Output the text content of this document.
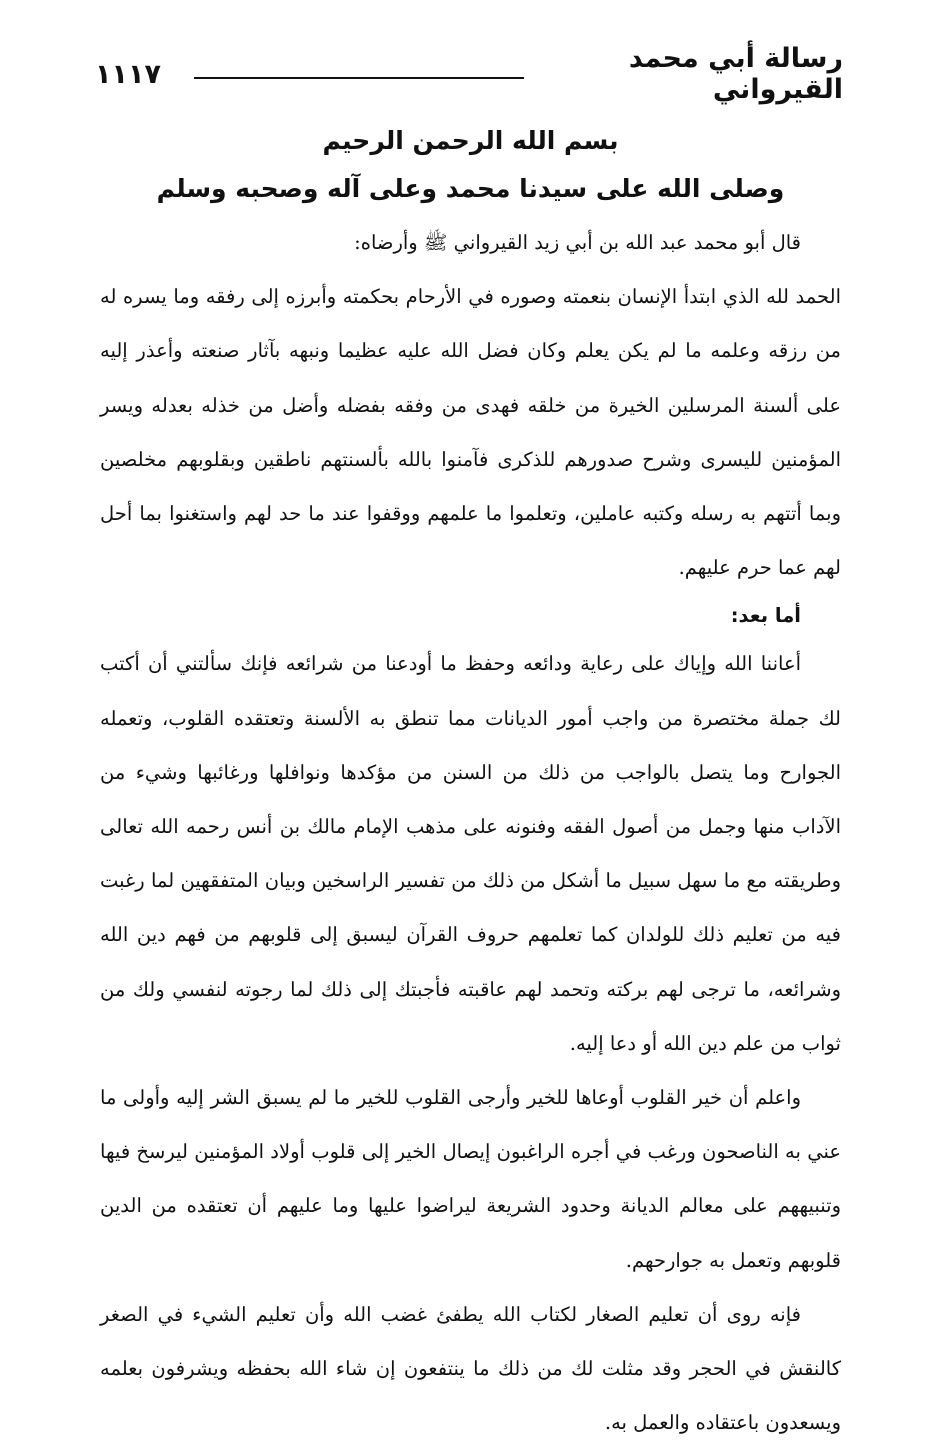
١١١٧	رسالة أبي محمد القيرواني
بسم الله الرحمن الرحيم
وصلى الله على سيدنا محمد وعلى آله وصحبه وسلم

قال أبو محمد عبد الله بن أبي زيد القيرواني ﷺ وأرضاه:

الحمد لله الذي ابتدأ الإنسان بنعمته وصوره في الأرحام بحكمته وأبرزه إلى رفقه وما يسره له من رزقه وعلمه ما لم يكن يعلم وكان فضل الله عليه عظيما ونبهه بآثار صنعته وأعذر إليه على ألسنة المرسلين الخيرة من خلقه فهدى من وفقه بفضله وأضل من خذله بعدله ويسر المؤمنين لليسرى وشرح صدورهم للذكرى فآمنوا بالله بألسنتهم ناطقين وبقلوبهم مخلصين وبما أتتهم به رسله وكتبه عاملين، وتعلموا ما علمهم ووقفوا عند ما حد لهم واستغنوا بما أحل لهم عما حرم عليهم.

أما بعد:

أعاننا الله وإياك على رعاية ودائعه وحفظ ما أودعنا من شرائعه فإنك سألتني أن أكتب لك جملة مختصرة من واجب أمور الديانات مما تنطق به الألسنة وتعتقده القلوب، وتعمله الجوارح وما يتصل بالواجب من ذلك من السنن من مؤكدها ونوافلها ورغائبها وشيء من الآداب منها وجمل من أصول الفقه وفنونه على مذهب الإمام مالك بن أنس رحمه الله تعالى وطريقته مع ما سهل سبيل ما أشكل من ذلك من تفسير الراسخين وبيان المتفقهين لما رغبت فيه من تعليم ذلك للولدان كما تعلمهم حروف القرآن ليسبق إلى قلوبهم من فهم دين الله وشرائعه، ما ترجى لهم بركته وتحمد لهم عاقبته فأجبتك إلى ذلك لما رجوته لنفسي ولك من ثواب من علم دين الله أو دعا إليه.

واعلم أن خير القلوب أوعاها للخير وأرجى القلوب للخير ما لم يسبق الشر إليه وأولى ما عني به الناصحون ورغب في أجره الراغبون إيصال الخير إلى قلوب أولاد المؤمنين ليرسخ فيها وتنبيههم على معالم الديانة وحدود الشريعة ليراضوا عليها وما عليهم أن تعتقده من الدين قلوبهم وتعمل به جوارحهم.

فإنه روى أن تعليم الصغار لكتاب الله يطفئ غضب الله وأن تعليم الشيء في الصغر كالنقش في الحجر وقد مثلت لك من ذلك ما ينتفعون إن شاء الله بحفظه ويشرفون بعلمه ويسعدون باعتقاده والعمل به.
